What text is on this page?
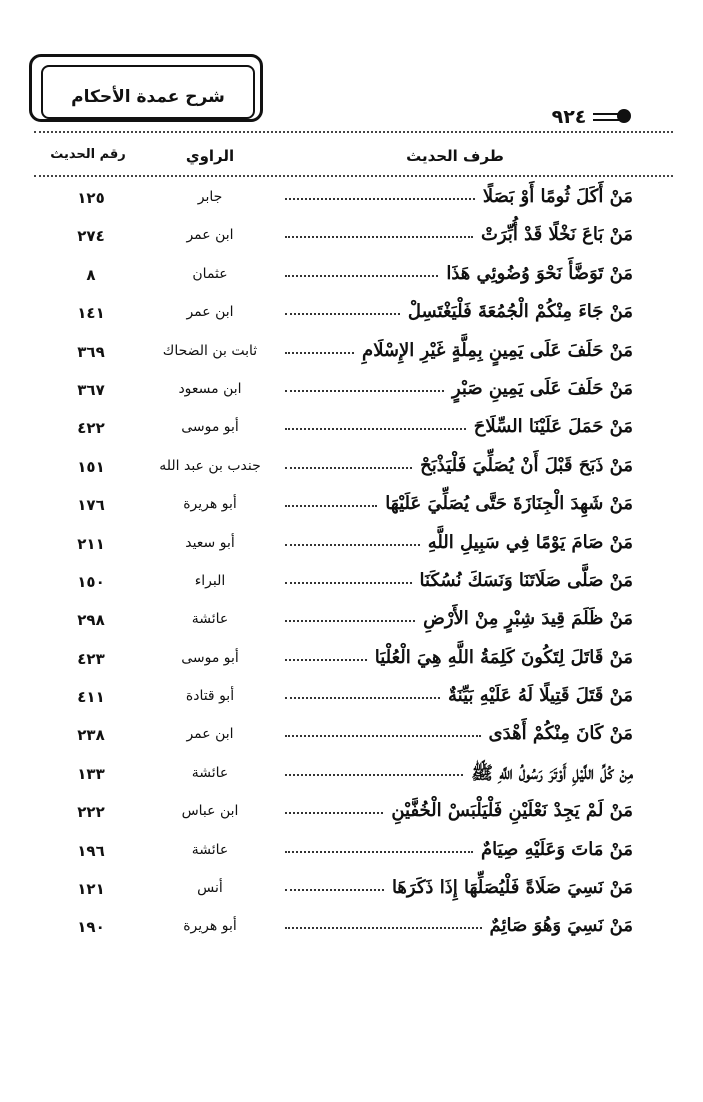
شرح عمدة الأحكام
٩٢٤
طرف الحديث
الراوي
رقم الحديث
مَنْ أَكَلَ ثُومًا أَوْ بَصَلًا
جابر
١٢٥
مَنْ بَاعَ نَخْلًا قَدْ أُبِّرَتْ
ابن عمر
٢٧٤
مَنْ تَوَضَّأَ نَحْوَ وُضُوئِي هَذَا
عثمان
٨
مَنْ جَاءَ مِنْكُمْ الْجُمُعَةَ فَلْيَغْتَسِلْ
ابن عمر
١٤١
مَنْ حَلَفَ عَلَى يَمِينٍ بِمِلَّةٍ غَيْرِ الإِسْلَامِ
ثابت بن الضحاك
٣٦٩
مَنْ حَلَفَ عَلَى يَمِينِ صَبْرٍ
ابن مسعود
٣٦٧
مَنْ حَمَلَ عَلَيْنَا السِّلَاحَ
أبو موسى
٤٢٢
مَنْ ذَبَحَ قَبْلَ أَنْ يُصَلِّيَ فَلْيَذْبَحْ
جندب بن عبد الله
١٥١
مَنْ شَهِدَ الْجِنَازَةَ حَتَّى يُصَلِّيَ عَلَيْهَا
أبو هريرة
١٧٦
مَنْ صَامَ يَوْمًا فِي سَبِيلِ اللَّهِ
أبو سعيد
٢١١
مَنْ صَلَّى صَلَاتَنَا وَنَسَكَ نُسُكَنَا
البراء
١٥٠
مَنْ ظَلَمَ قِيدَ شِبْرٍ مِنْ الأَرْضِ
عائشة
٢٩٨
مَنْ قَاتَلَ لِتَكُونَ كَلِمَةُ اللَّهِ هِيَ الْعُلْيَا
أبو موسى
٤٢٣
مَنْ قَتَلَ قَتِيلًا لَهُ عَلَيْهِ بَيِّنَةٌ
أبو قتادة
٤١١
مَنْ كَانَ مِنْكُمْ أَهْدَى
ابن عمر
٢٣٨
مِنْ كُلِّ اللَّيْلِ أَوْتَرَ رَسُولُ اللَّهِ ﷺ
عائشة
١٣٣
مَنْ لَمْ يَجِدْ نَعْلَيْنِ فَلْيَلْبَسْ الْخُفَّيْنِ
ابن عباس
٢٢٢
مَنْ مَاتَ وَعَلَيْهِ صِيَامٌ
عائشة
١٩٦
مَنْ نَسِيَ صَلَاةً فَلْيُصَلِّهَا إِذَا ذَكَرَهَا
أنس
١٢١
مَنْ نَسِيَ وَهُوَ صَائِمٌ
أبو هريرة
١٩٠
